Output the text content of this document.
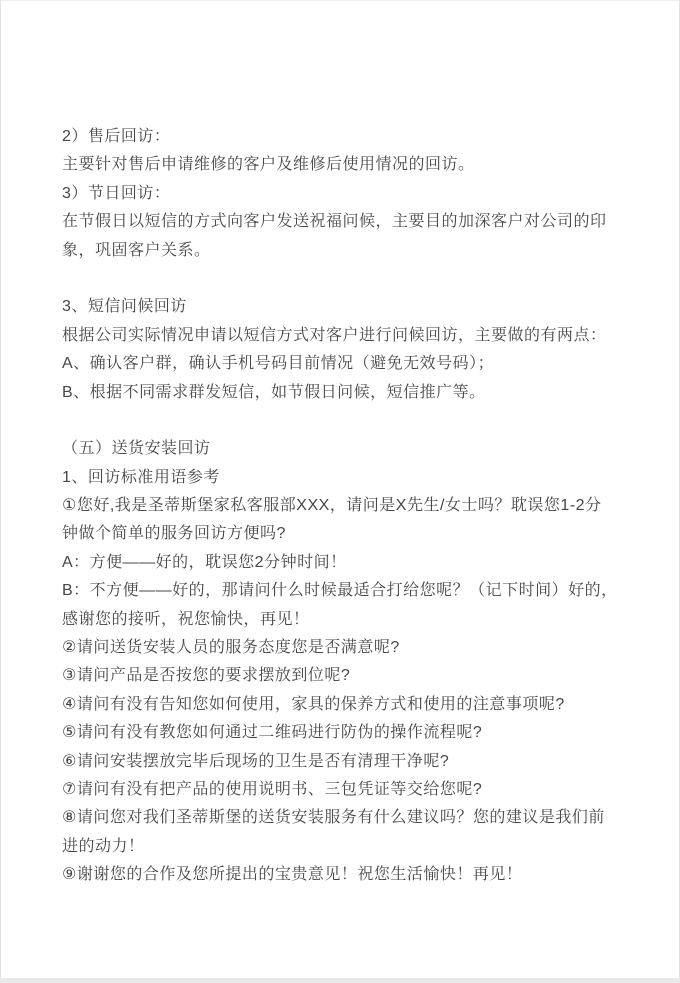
2）售后回访：
主要针对售后申请维修的客户及维修后使用情况的回访。
3）节日回访：
在节假日以短信的方式向客户发送祝福问候，主要目的加深客户对公司的印
象，巩固客户关系。
3、短信问候回访
根据公司实际情况申请以短信方式对客户进行问候回访，主要做的有两点：
A、确认客户群，确认手机号码目前情况（避免无效号码）；
B、根据不同需求群发短信，如节假日问候，短信推广等。
（五）送货安装回访
1、回访标准用语参考
①您好,我是圣蒂斯堡家私客服部XXX，请问是X先生/女士吗？耽误您1-2分
钟做个简单的服务回访方便吗?
A：方便——好的，耽误您2分钟时间！
B：不方便——好的，那请问什么时候最适合打给您呢？（记下时间）好的，
感谢您的接听，祝您愉快，再见！
②请问送货安装人员的服务态度您是否满意呢?
③请问产品是否按您的要求摆放到位呢?
④请问有没有告知您如何使用，家具的保养方式和使用的注意事项呢?
⑤请问有没有教您如何通过二维码进行防伪的操作流程呢?
⑥请问安装摆放完毕后现场的卫生是否有清理干净呢?
⑦请问有没有把产品的使用说明书、三包凭证等交给您呢?
⑧请问您对我们圣蒂斯堡的送货安装服务有什么建议吗？您的建议是我们前
进的动力！
⑨谢谢您的合作及您所提出的宝贵意见！祝您生活愉快！再见！
